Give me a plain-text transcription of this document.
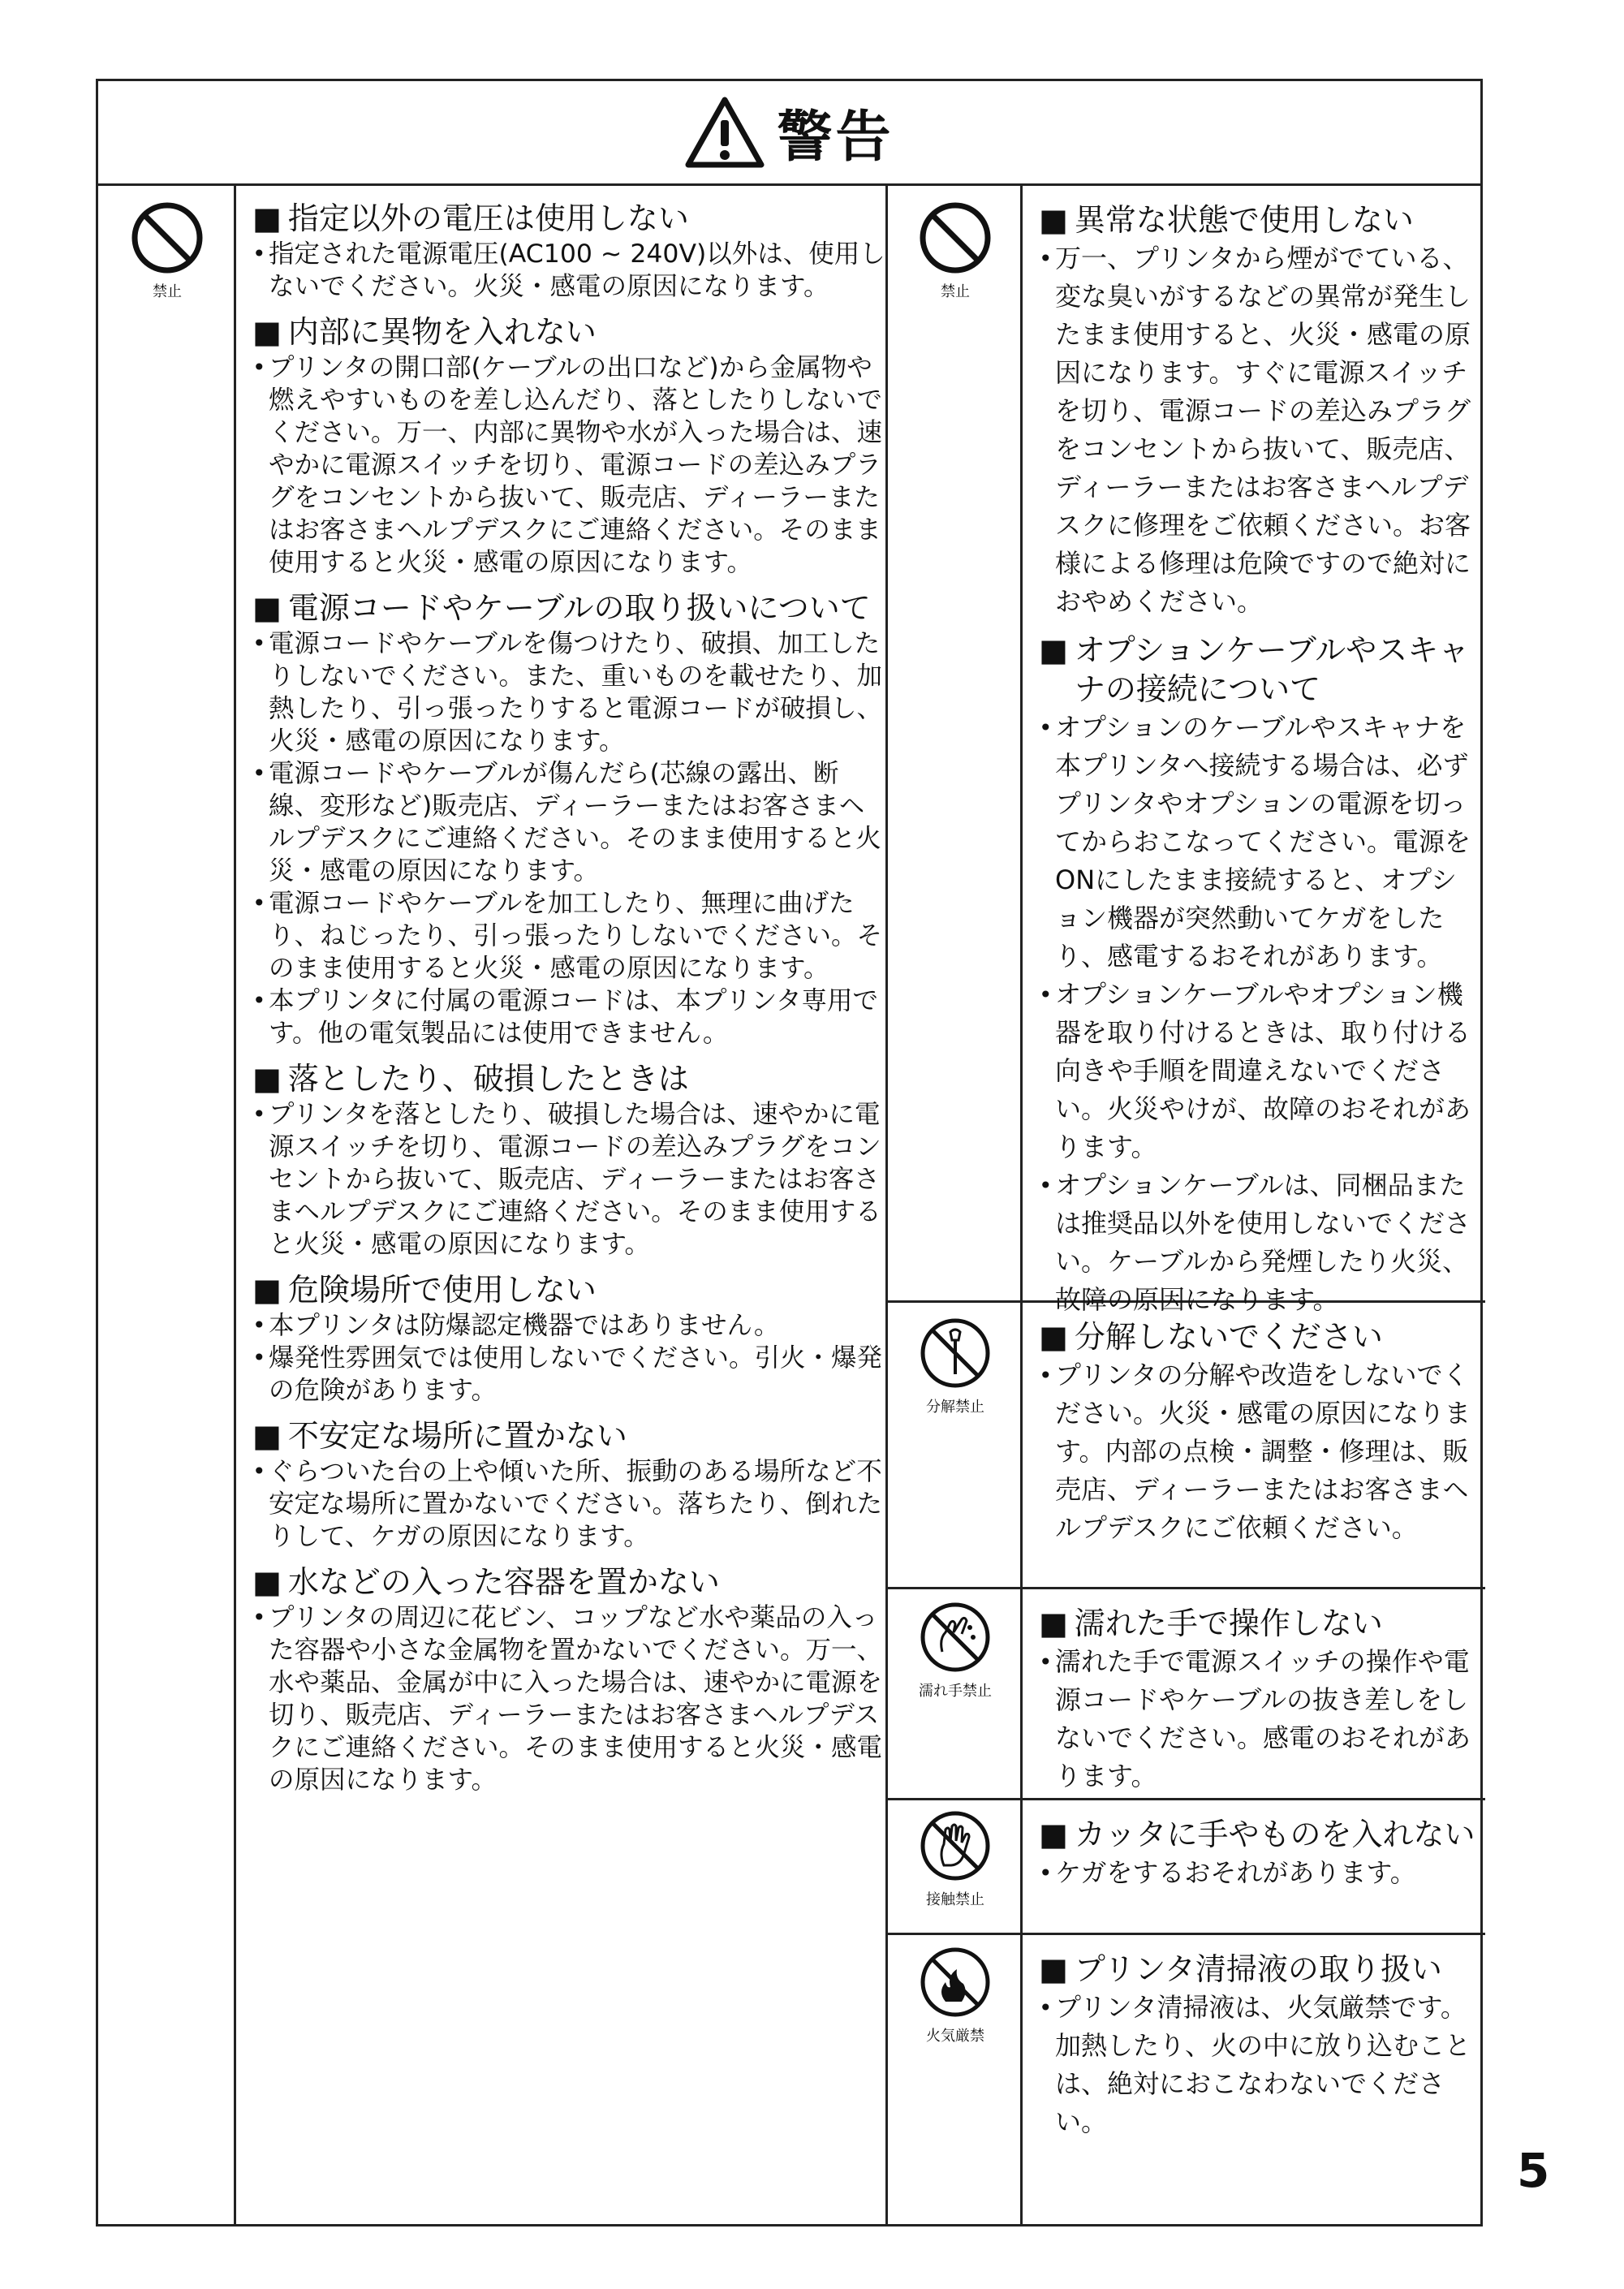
警告
禁止	禁止
分解禁止
濡れ手禁止
接触禁止
火気厳禁
■ 指定以外の電圧は使用しない
• 指定された電源電圧(AC100 ~ 240V)以外は、使用しないでください。火災・感電の原因になります。
■ 内部に異物を入れない
• プリンタの開口部(ケーブルの出口など)から金属物や燃えやすいものを差し込んだり、落としたりしないでください。万一、内部に異物や水が入った場合は、速やかに電源スイッチを切り、電源コードの差込みプラグをコンセントから抜いて、販売店、ディーラーまたはお客さまヘルプデスクにご連絡ください。そのまま使用すると火災・感電の原因になります。
■ 電源コードやケーブルの取り扱いについて
• 電源コードやケーブルを傷つけたり、破損、加工したりしないでください。また、重いものを載せたり、加熱したり、引っ張ったりすると電源コードが破損し、火災・感電の原因になります。
• 電源コードやケーブルが傷んだら(芯線の露出、断線、変形など)販売店、ディーラーまたはお客さまヘルプデスクにご連絡ください。そのまま使用すると火災・感電の原因になります。
• 電源コードやケーブルを加工したり、無理に曲げたり、ねじったり、引っ張ったりしないでください。そのまま使用すると火災・感電の原因になります。
• 本プリンタに付属の電源コードは、本プリンタ専用です。他の電気製品には使用できません。
■ 落としたり、破損したときは
• プリンタを落としたり、破損した場合は、速やかに電源スイッチを切り、電源コードの差込みプラグをコンセントから抜いて、販売店、ディーラーまたはお客さまヘルプデスクにご連絡ください。そのまま使用すると火災・感電の原因になります。
■ 危険場所で使用しない
• 本プリンタは防爆認定機器ではありません。
• 爆発性雰囲気では使用しないでください。引火・爆発の危険があります。
■ 不安定な場所に置かない
• ぐらついた台の上や傾いた所、振動のある場所など不安定な場所に置かないでください。落ちたり、倒れたりして、ケガの原因になります。
■ 水などの入った容器を置かない
• プリンタの周辺に花ビン、コップなど水や薬品の入った容器や小さな金属物を置かないでください。万一、水や薬品、金属が中に入った場合は、速やかに電源を切り、販売店、ディーラーまたはお客さまヘルプデスクにご連絡ください。そのまま使用すると火災・感電の原因になります。
■ 異常な状態で使用しない
• 万一、プリンタから煙がでている、変な臭いがするなどの異常が発生したまま使用すると、火災・感電の原因になります。すぐに電源スイッチを切り、電源コードの差込みプラグをコンセントから抜いて、販売店、ディーラーまたはお客さまヘルプデスクに修理をご依頼ください。お客様による修理は危険ですので絶対におやめください。
■ オプションケーブルやスキャナの接続について
• オプションのケーブルやスキャナを本プリンタへ接続する場合は、必ずプリンタやオプションの電源を切ってからおこなってください。電源をONにしたまま接続すると、オプション機器が突然動いてケガをしたり、感電するおそれがあります。
• オプションケーブルやオプション機器を取り付けるときは、取り付ける向きや手順を間違えないでください。火災やけが、故障のおそれがあります。
• オプションケーブルは、同梱品または推奨品以外を使用しないでください。ケーブルから発煙したり火災、故障の原因になります。
■ 分解しないでください
• プリンタの分解や改造をしないでください。火災・感電の原因になります。内部の点検・調整・修理は、販売店、ディーラーまたはお客さまヘルプデスクにご依頼ください。
■ 濡れた手で操作しない
• 濡れた手で電源スイッチの操作や電源コードやケーブルの抜き差しをしないでください。感電のおそれがあります。
■ カッタに手やものを入れない
• ケガをするおそれがあります。
■ プリンタ清掃液の取り扱い
• プリンタ清掃液は、火気厳禁です。加熱したり、火の中に放り込むことは、絶対におこなわないでください。
5
